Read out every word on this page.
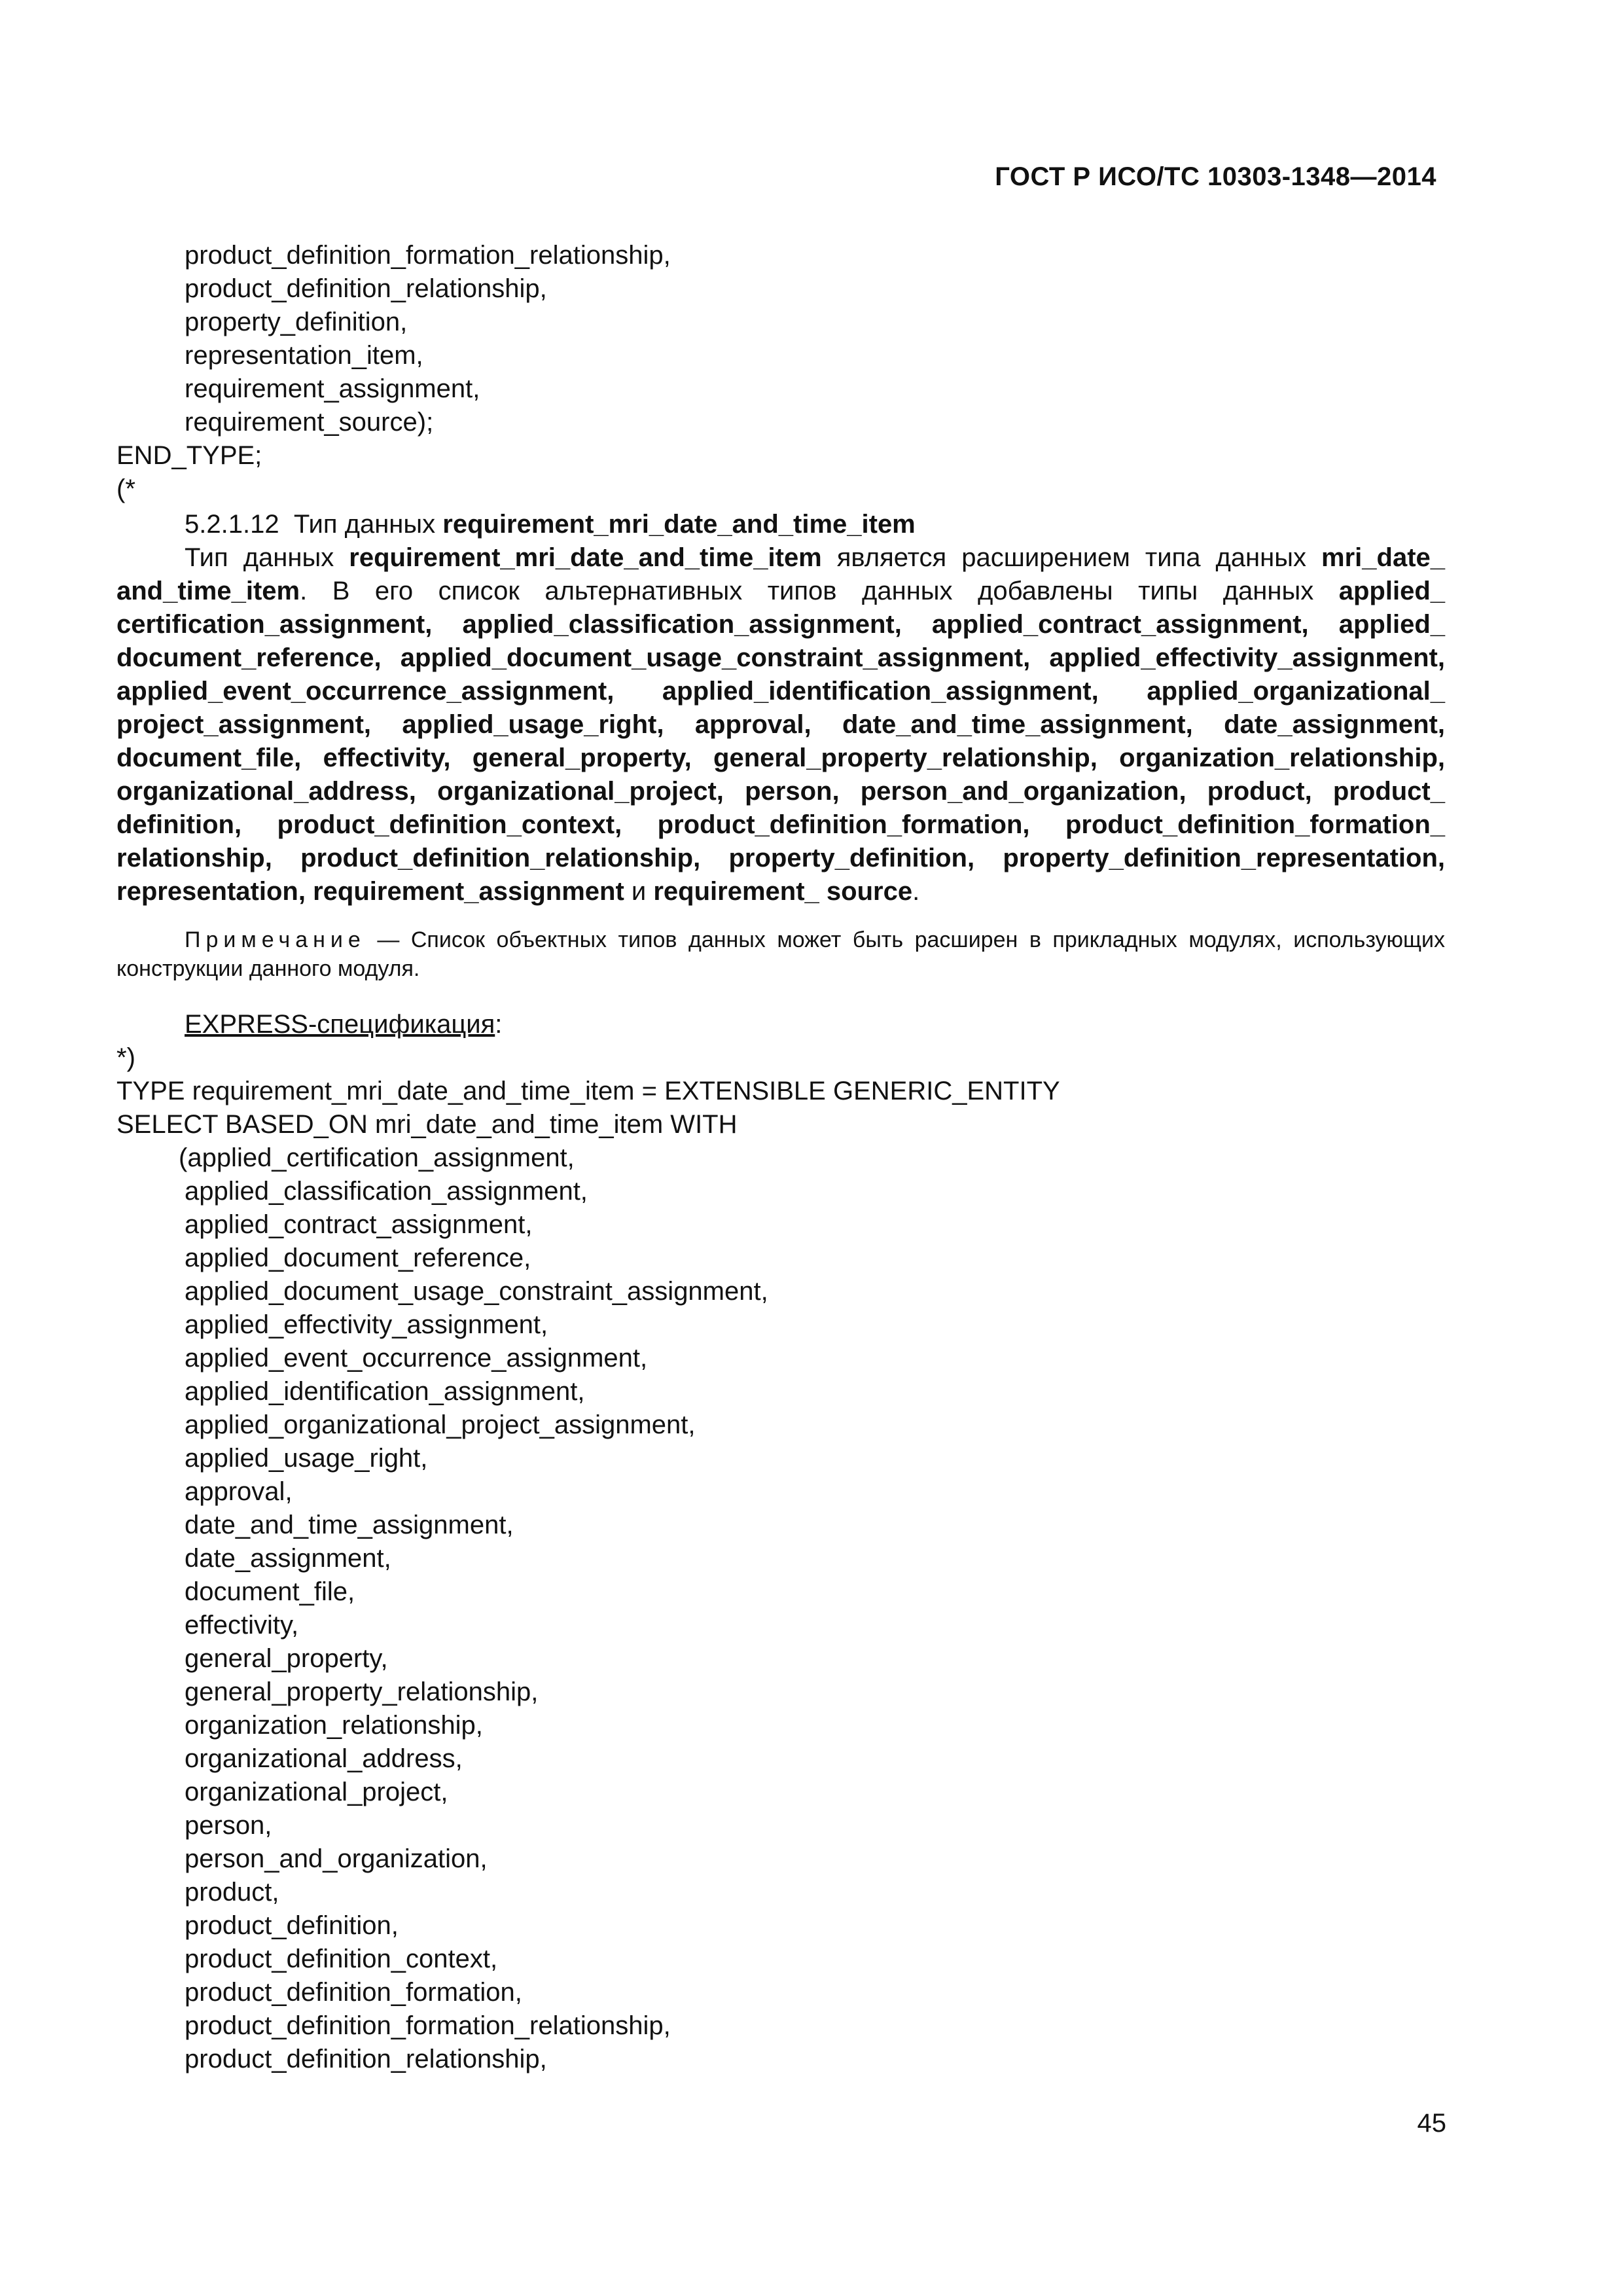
ГОСТ Р ИСО/ТС 10303-1348—2014
product_definition_formation_relationship,
product_definition_relationship,
property_definition,
representation_item,
requirement_assignment,
requirement_source);
END_TYPE;
(*
5.2.1.12 Тип данных requirement_mri_date_and_time_item

Тип данных requirement_mri_date_and_time_item является расширением типа данных mri_date_ and_time_item. В его список альтернативных типов данных добавлены типы данных applied_ certification_assignment, applied_classification_assignment, applied_contract_assignment, applied_ document_reference, applied_document_usage_constraint_assignment, applied_effectivity_assignment, applied_event_occurrence_assignment, applied_identification_assignment, applied_organizational_ project_assignment, applied_usage_right, approval, date_and_time_assignment, date_assignment, document_file, effectivity, general_property, general_property_relationship, organization_relationship, organizational_address, organizational_project, person, person_and_organization, product, product_ definition, product_definition_context, product_definition_formation, product_definition_formation_ relationship, product_definition_relationship, property_definition, property_definition_representation, representation, requirement_assignment и requirement_ source.

Примечание — Список объектных типов данных может быть расширен в прикладных модулях, использующих конструкции данного модуля.

EXPRESS-спецификация:
*)
TYPE requirement_mri_date_and_time_item = EXTENSIBLE GENERIC_ENTITY
SELECT BASED_ON mri_date_and_time_item WITH
(applied_certification_assignment,
applied_classification_assignment,
applied_contract_assignment,
applied_document_reference,
applied_document_usage_constraint_assignment,
applied_effectivity_assignment,
applied_event_occurrence_assignment,
applied_identification_assignment,
applied_organizational_project_assignment,
applied_usage_right,
approval,
date_and_time_assignment,
date_assignment,
document_file,
effectivity,
general_property,
general_property_relationship,
organization_relationship,
organizational_address,
organizational_project,
person,
person_and_organization,
product,
product_definition,
product_definition_context,
product_definition_formation,
product_definition_formation_relationship,
product_definition_relationship,
45
